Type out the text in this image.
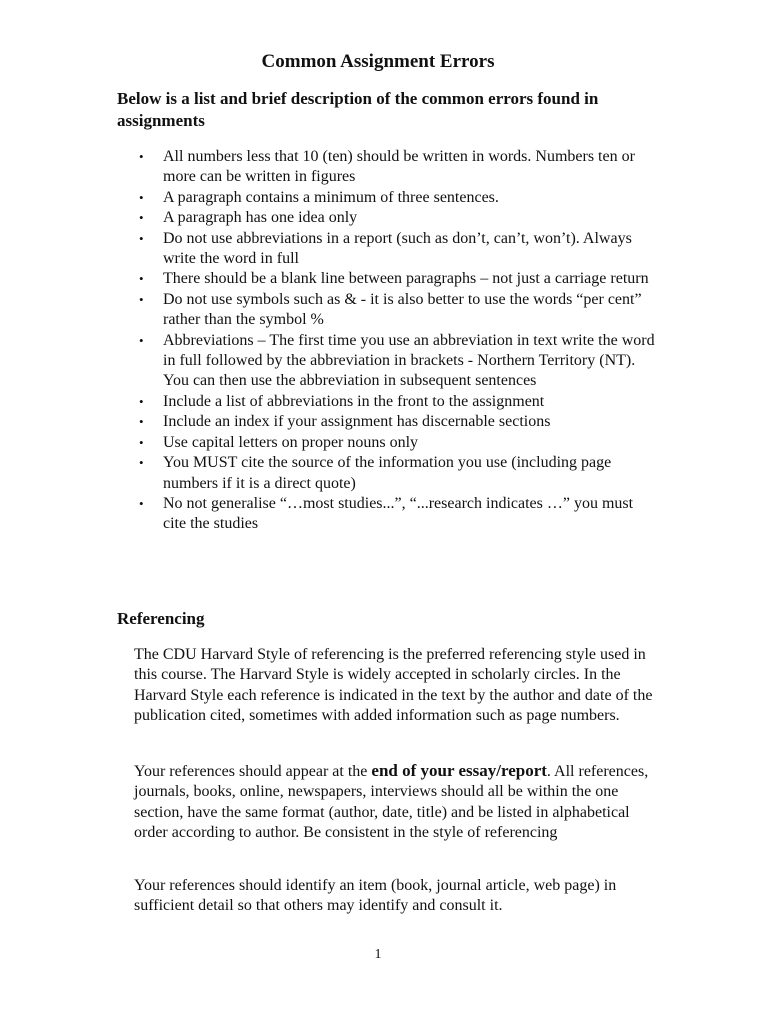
Common Assignment Errors

Below is a list and brief description of the common errors found in assignments

• All numbers less that 10 (ten) should be written in words. Numbers ten or more can be written in figures
• A paragraph contains a minimum of three sentences.
• A paragraph has one idea only
• Do not use abbreviations in a report (such as don’t, can’t, won’t). Always write the word in full
• There should be a blank line between paragraphs – not just a carriage return
• Do not use symbols such as & - it is also better to use the words “per cent” rather than the symbol %
• Abbreviations – The first time you use an abbreviation in text write the word in full followed by the abbreviation in brackets - Northern Territory (NT). You can then use the abbreviation in subsequent sentences
• Include a list of abbreviations in the front to the assignment
• Include an index if your assignment has discernable sections
• Use capital letters on proper nouns only
• You MUST cite the source of the information you use (including page numbers if it is a direct quote)
• No not generalise “…most studies...”, “...research indicates …” you must cite the studies
Referencing

The CDU Harvard Style of referencing is the preferred referencing style used in this course. The Harvard Style is widely accepted in scholarly circles. In the Harvard Style each reference is indicated in the text by the author and date of the publication cited, sometimes with added information such as page numbers.

Your references should appear at the end of your essay/report. All references, journals, books, online, newspapers, interviews should all be within the one section, have the same format (author, date, title) and be listed in alphabetical order according to author. Be consistent in the style of referencing

Your references should identify an item (book, journal article, web page) in sufficient detail so that others may identify and consult it.

1
